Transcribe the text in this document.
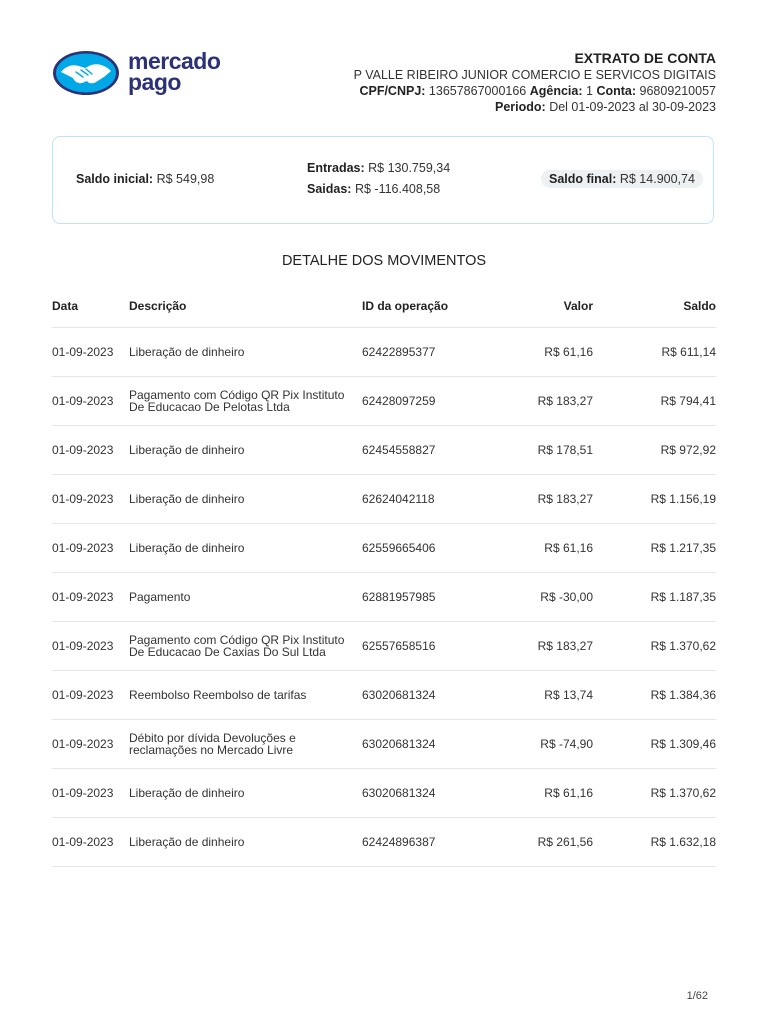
mercado
pago
EXTRATO DE CONTA
P VALLE RIBEIRO JUNIOR COMERCIO E SERVICOS DIGITAIS
CPF/CNPJ: 13657867000166 Agência: 1 Conta: 96809210057
Periodo: Del 01-09-2023 al 30-09-2023
Saldo inicial: R$ 549,98
Entradas: R$ 130.759,34
Saidas: R$ -116.408,58
Saldo final: R$ 14.900,74
DETALHE DOS MOVIMENTOS
Data	Descrição	ID da operação	Valor	Saldo
01-09-2023	Liberação de dinheiro	62422895377	R$ 61,16	R$ 611,14
01-09-2023	Pagamento com Código QR Pix Instituto De Educacao De Pelotas Ltda	62428097259	R$ 183,27	R$ 794,41
01-09-2023	Liberação de dinheiro	62454558827	R$ 178,51	R$ 972,92
01-09-2023	Liberação de dinheiro	62624042118	R$ 183,27	R$ 1.156,19
01-09-2023	Liberação de dinheiro	62559665406	R$ 61,16	R$ 1.217,35
01-09-2023	Pagamento	62881957985	R$ -30,00	R$ 1.187,35
01-09-2023	Pagamento com Código QR Pix Instituto De Educacao De Caxias Do Sul Ltda	62557658516	R$ 183,27	R$ 1.370,62
01-09-2023	Reembolso Reembolso de tarifas	63020681324	R$ 13,74	R$ 1.384,36
01-09-2023	Débito por dívida Devoluções e reclamações no Mercado Livre	63020681324	R$ -74,90	R$ 1.309,46
01-09-2023	Liberação de dinheiro	63020681324	R$ 61,16	R$ 1.370,62
01-09-2023	Liberação de dinheiro	62424896387	R$ 261,56	R$ 1.632,18
1/62
